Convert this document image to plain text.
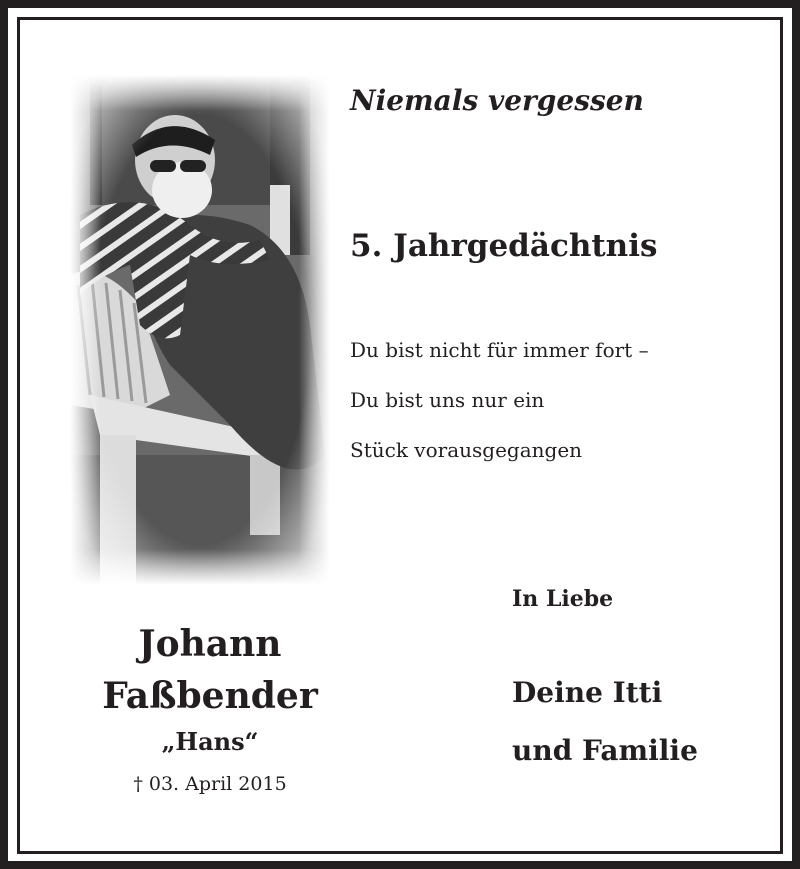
Niemals vergessen

5. Jahrgedächtnis

Du bist nicht für immer fort –

Du bist uns nur ein

Stück vorausgegangen

In Liebe

Deine Itti

und Familie

Johann
Faßbender
„Hans“
† 03. April 2015
